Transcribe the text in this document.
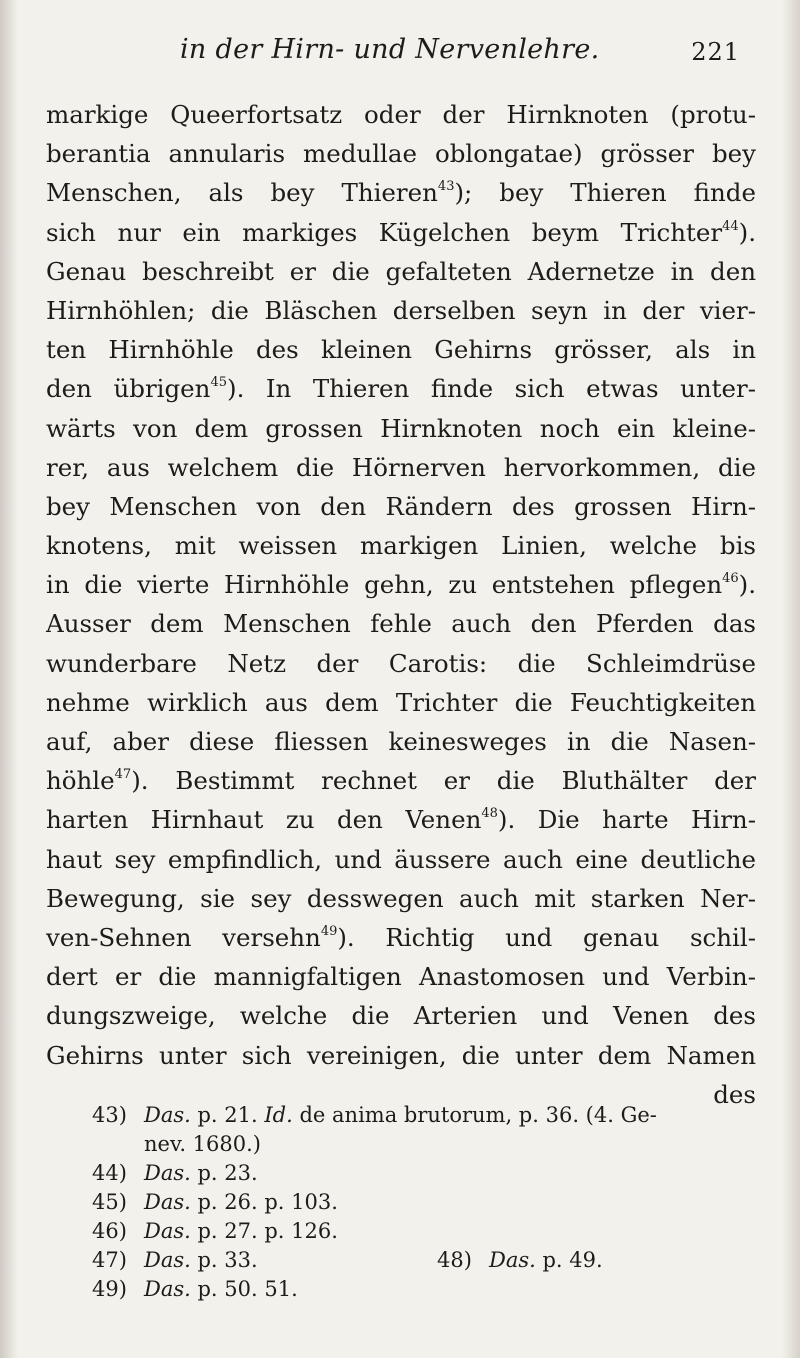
in der Hirn- und Nervenlehre.	221
markige Queerfortsatz oder der Hirnknoten (protu-
berantia annularis medullae oblongatae) grösser bey
Menschen, als bey Thieren$^{43}$); bey Thieren finde
sich nur ein markiges Kügelchen beym Trichter$^{44}$).
Genau beschreibt er die gefalteten Adernetze in den
Hirnhöhlen; die Bläschen derselben seyn in der vier-
ten Hirnhöhle des kleinen Gehirns grösser, als in
den übrigen$^{45}$). In Thieren finde sich etwas unter-
wärts von dem grossen Hirnknoten noch ein kleine-
rer, aus welchem die Hörnerven hervorkommen, die
bey Menschen von den Rändern des grossen Hirn-
knotens, mit weissen markigen Linien, welche bis
in die vierte Hirnhöhle gehn, zu entstehen pflegen$^{46}$).
Ausser dem Menschen fehle auch den Pferden das
wunderbare Netz der Carotis: die Schleimdrüse
nehme wirklich aus dem Trichter die Feuchtigkeiten
auf, aber diese fliessen keinesweges in die Nasen-
höhle$^{47}$). Bestimmt rechnet er die Bluthälter der
harten Hirnhaut zu den Venen$^{48}$). Die harte Hirn-
haut sey empfindlich, und äussere auch eine deutliche
Bewegung, sie sey desswegen auch mit starken Ner-
ven-Sehnen versehn$^{49}$). Richtig und genau schil-
dert er die mannigfaltigen Anastomosen und Verbin-
dungszweige, welche die Arterien und Venen des
Gehirns unter sich vereinigen, die unter dem Namen
des
43) Das. p. 21. Id. de anima brutorum, p. 36. (4. Ge-
nev. 1680.)
44) Das. p. 23.
45) Das. p. 26. p. 103.
46) Das. p. 27. p. 126.
47) Das. p. 33.	48) Das. p. 49.
49) Das. p. 50. 51.
